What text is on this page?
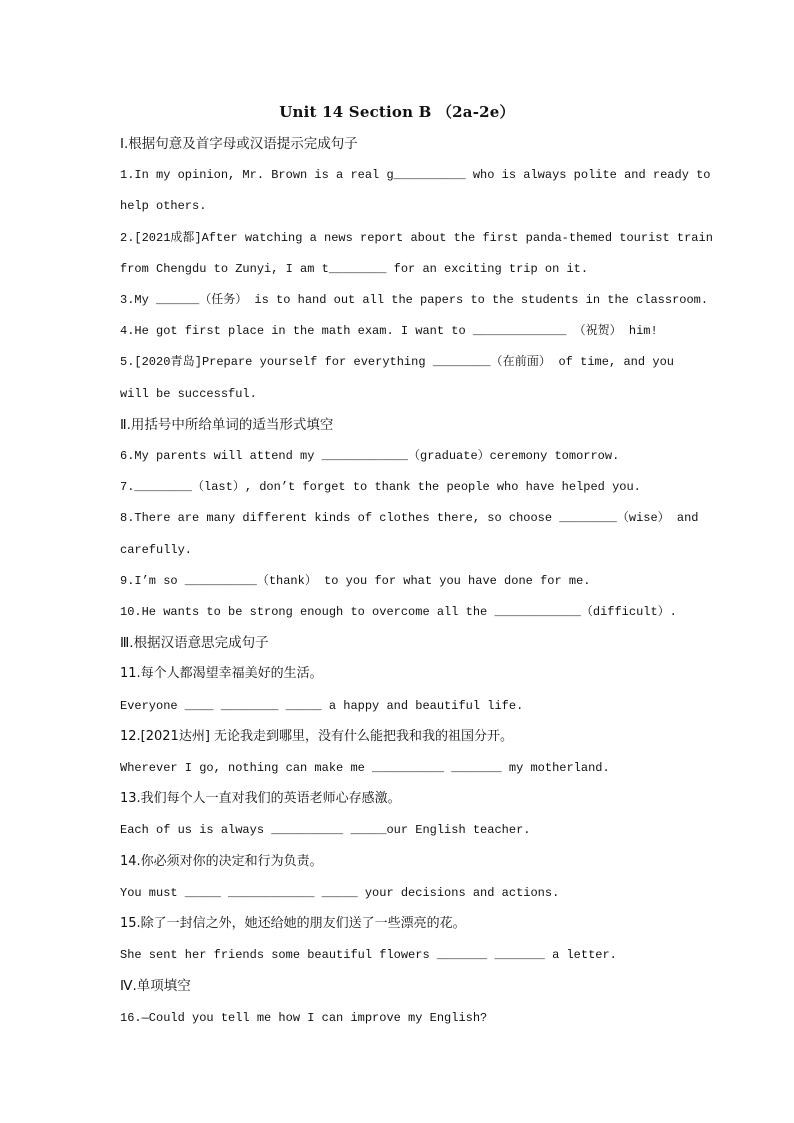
Unit 14 Section B （2a-2e）
Ⅰ.根据句意及首字母或汉语提示完成句子
1.In my opinion, Mr. Brown is a real g__________ who is always polite and ready to
help others.
2.[2021成都]After watching a news report about the first panda-themed tourist train
from Chengdu to Zunyi, I am t________ for an exciting trip on it.
3.My ______（任务） is to hand out all the papers to the students in the classroom.
4.He got first place in the math exam. I want to _____________ （祝贺） him!
5.[2020青岛]Prepare yourself for everything ________（在前面） of time, and you
will be successful.
Ⅱ.用括号中所给单词的适当形式填空
6.My parents will attend my ____________（graduate）ceremony tomorrow.
7.________（last）, don’t forget to thank the people who have helped you.
8.There are many different kinds of clothes there, so choose ________（wise） and
carefully.
9.I’m so __________（thank） to you for what you have done for me.
10.He wants to be strong enough to overcome all the ____________（difficult）.
Ⅲ.根据汉语意思完成句子
11.每个人都渴望幸福美好的生活。
Everyone ____ ________ _____ a happy and beautiful life.
12.[2021达州] 无论我走到哪里，没有什么能把我和我的祖国分开。
Wherever I go, nothing can make me __________ _______ my motherland.
13.我们每个人一直对我们的英语老师心存感激。
Each of us is always __________ _____our English teacher.
14.你必须对你的决定和行为负责。
You must _____ ____________ _____ your decisions and actions.
15.除了一封信之外，她还给她的朋友们送了一些漂亮的花。
She sent her friends some beautiful flowers _______ _______ a letter.
Ⅳ.单项填空
16.—Could you tell me how I can improve my English?
